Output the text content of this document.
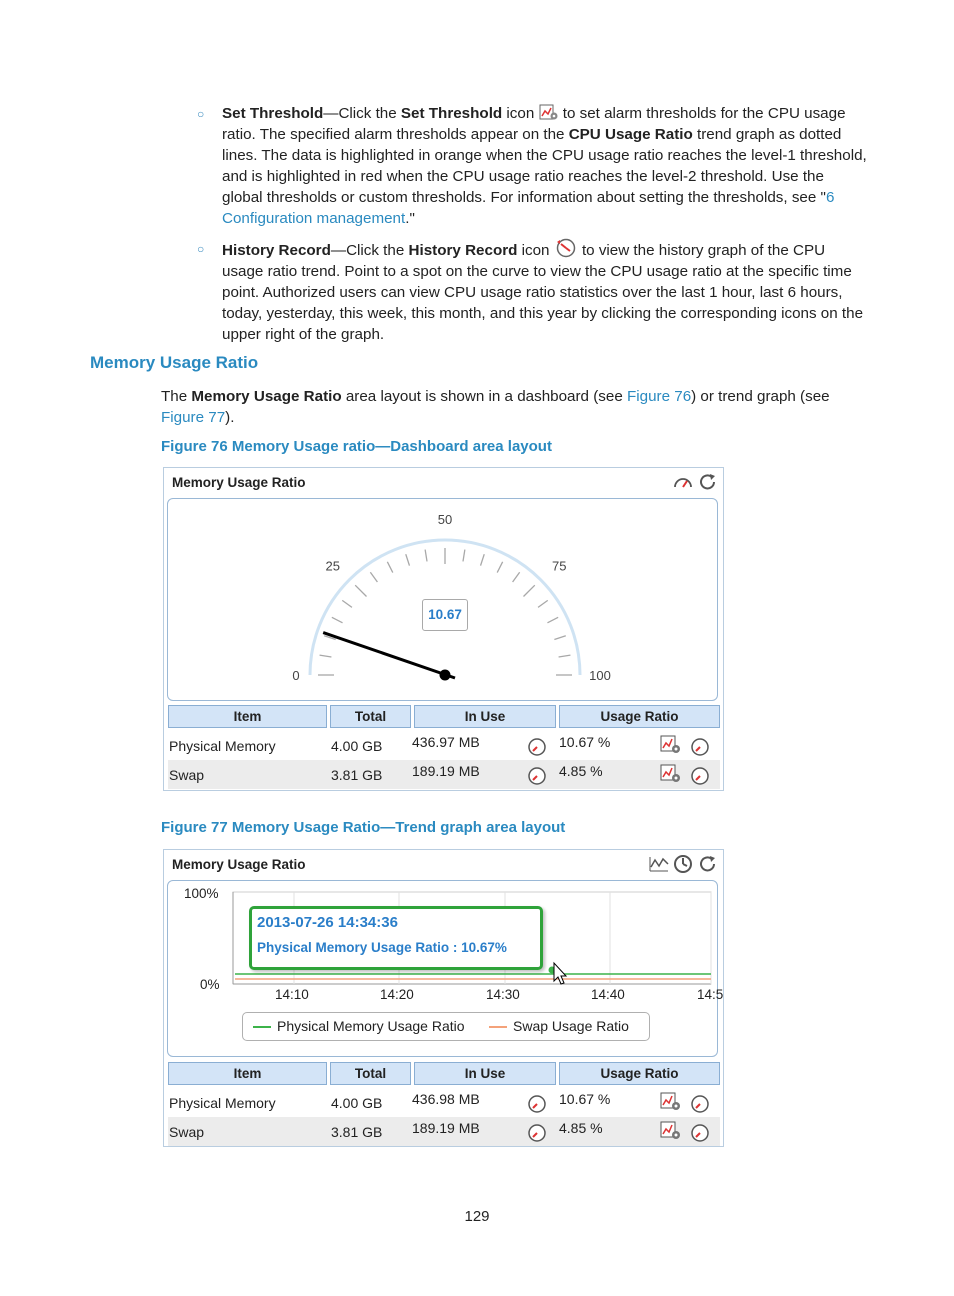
○ Set Threshold—Click the Set Threshold icon  to set alarm thresholds for the CPU usage ratio. The specified alarm thresholds appear on the CPU Usage Ratio trend graph as dotted lines. The data is highlighted in orange when the CPU usage ratio reaches the level-1 threshold, and is highlighted in red when the CPU usage ratio reaches the level-2 threshold. Use the global thresholds or custom thresholds. For information about setting the thresholds, see "6 Configuration management."
○ History Record—Click the History Record icon  to view the history graph of the CPU usage ratio trend. Point to a spot on the curve to view the CPU usage ratio at the specific time point. Authorized users can view CPU usage ratio statistics over the last 1 hour, last 6 hours, today, yesterday, this week, this month, and this year by clicking the corresponding icons on the upper right of the graph.
Memory Usage Ratio
The Memory Usage Ratio area layout is shown in a dashboard (see Figure 76) or trend graph (see Figure 77).
Figure 76 Memory Usage ratio—Dashboard area layout
Memory Usage Ratio
0
25
50
75
100
10.67
Item	Total	In Use	Usage Ratio
Physical Memory	4.00 GB 436.97 MB	10.67 %
Swap	3.81 GB 189.19 MB	4.85 %
Figure 77 Memory Usage Ratio—Trend graph area layout
Memory Usage Ratio
100%
0%
14:10	14:20	14:30	14:40	14:5
2013-07-26 14:34:36
Physical Memory Usage Ratio : 10.67%
Physical Memory Usage Ratio	Swap Usage Ratio
Item	Total	In Use	Usage Ratio
Physical Memory	4.00 GB 436.98 MB	10.67 %
Swap	3.81 GB 189.19 MB	4.85 %
129
